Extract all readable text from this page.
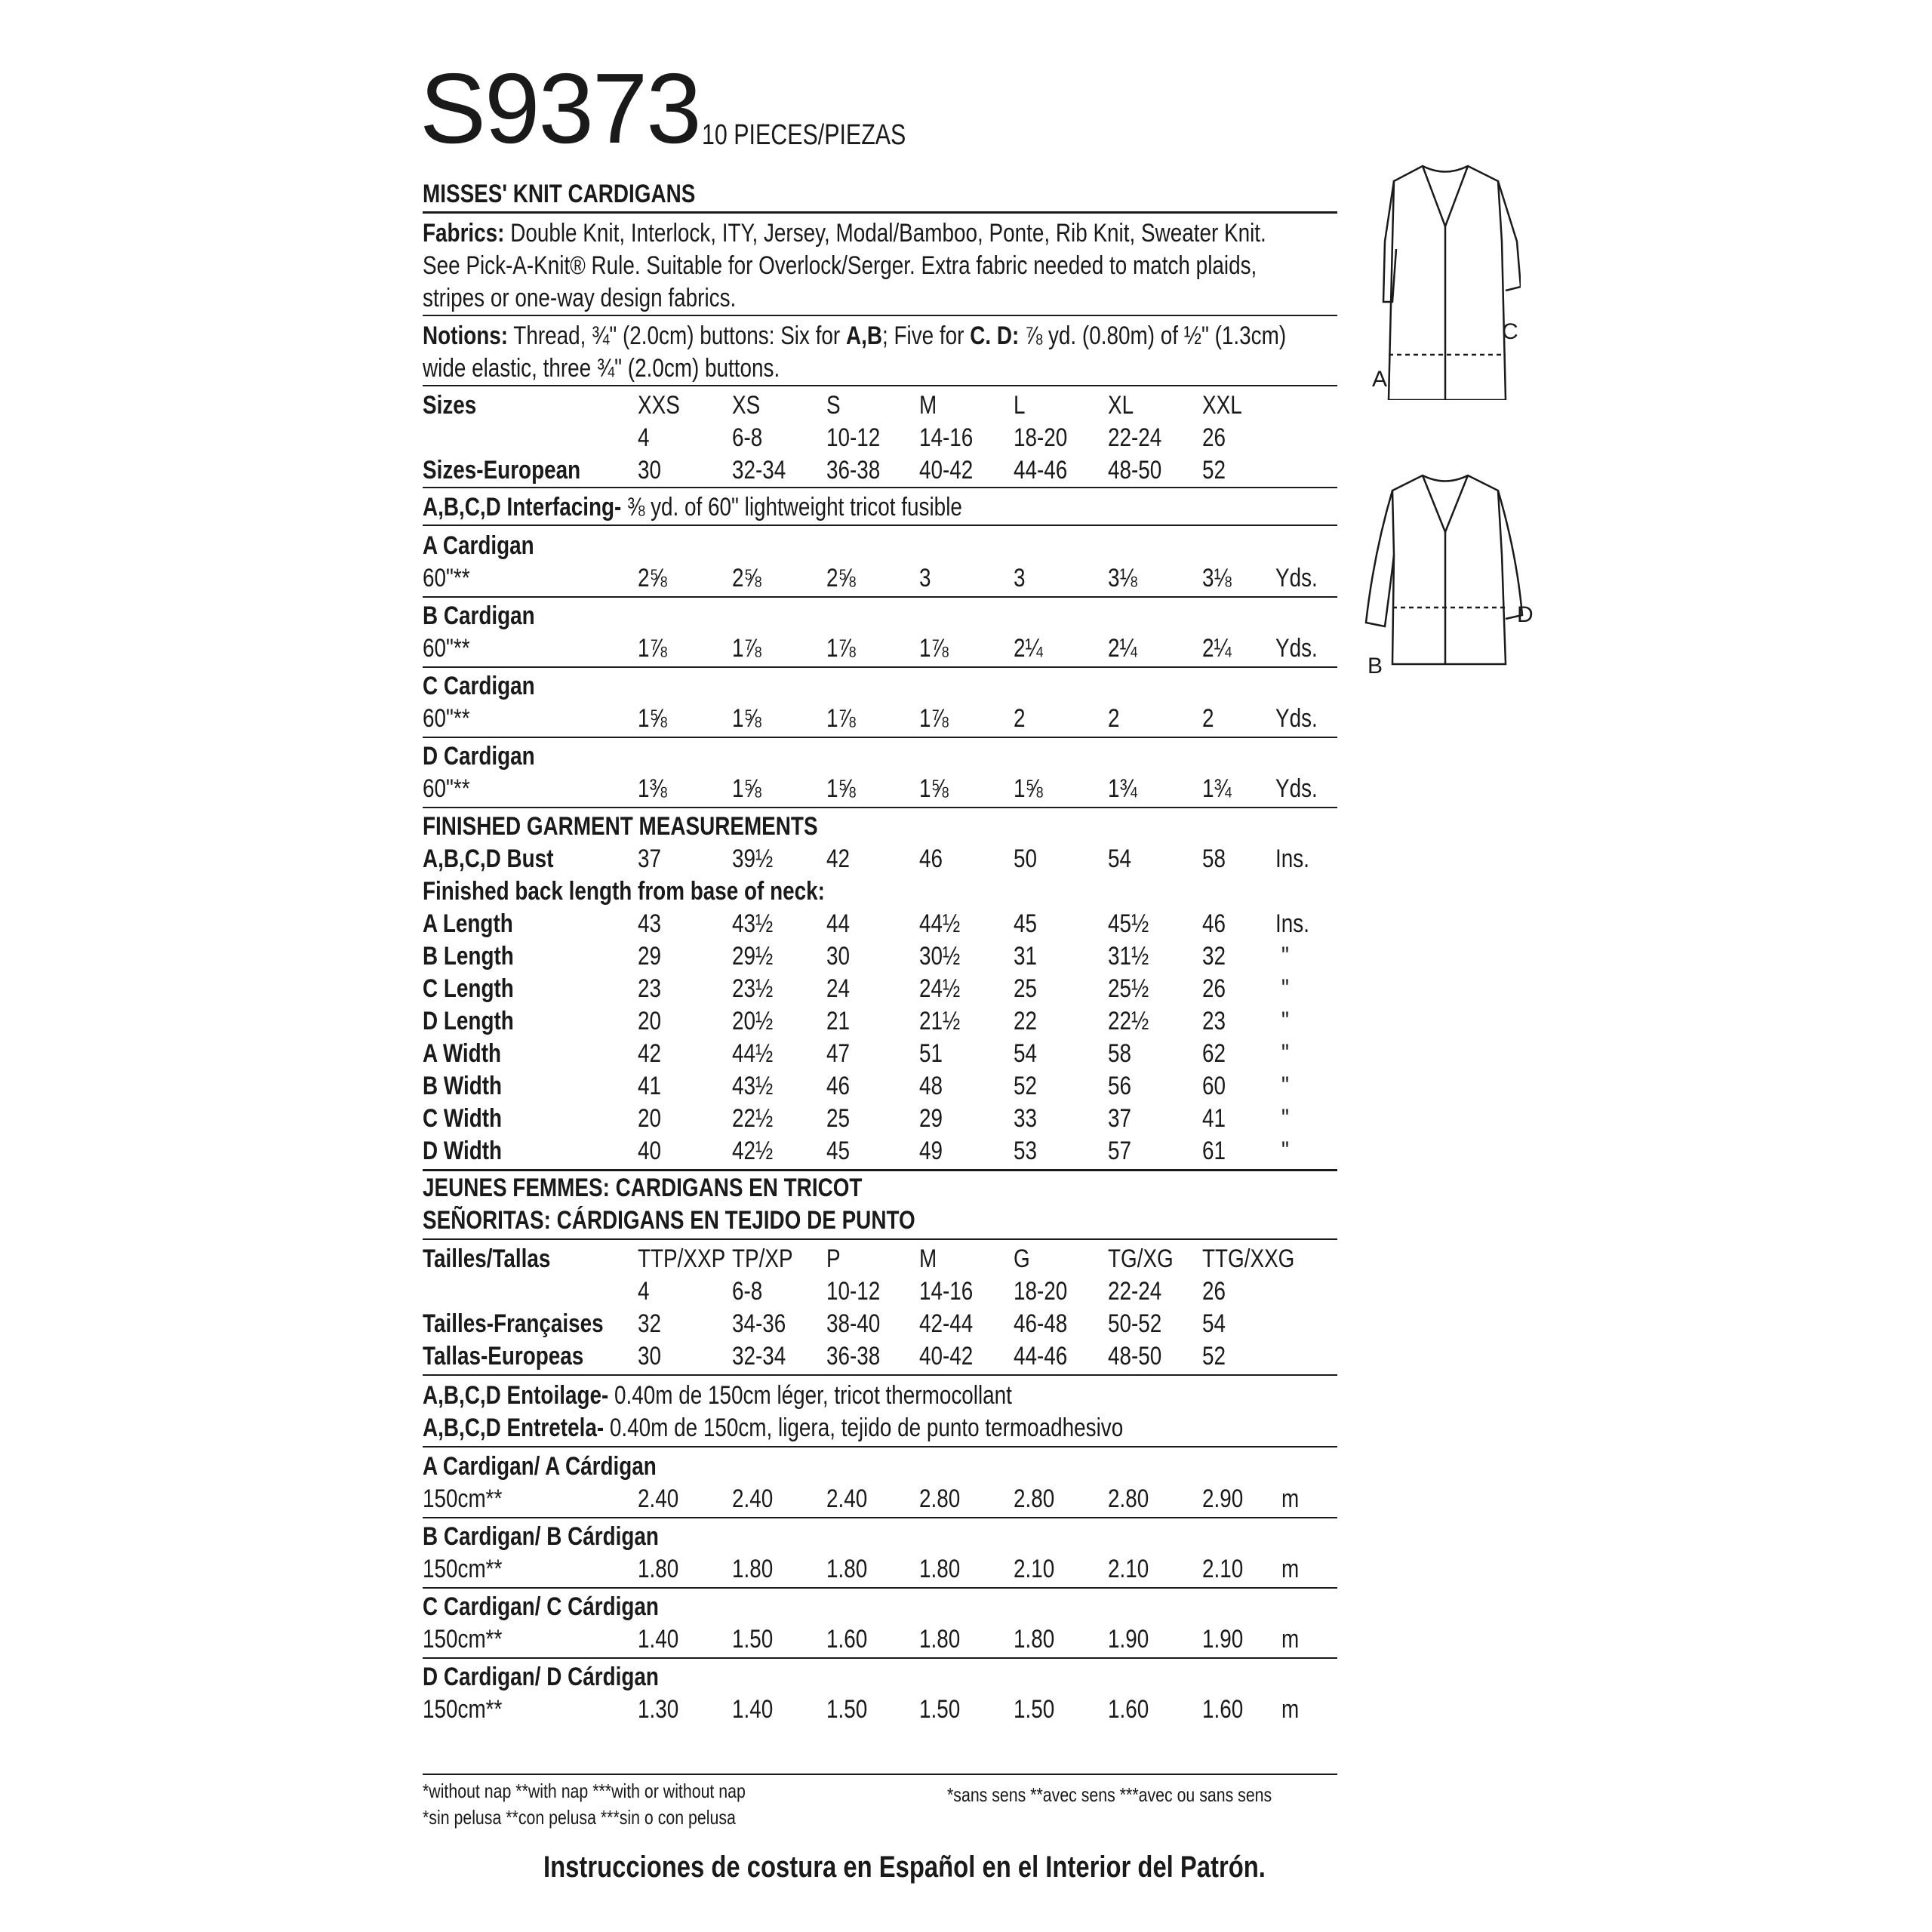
S9373 10 PIECES/PIEZAS
MISSES' KNIT CARDIGANS
Fabrics: Double Knit, Interlock, ITY, Jersey, Modal/Bamboo, Ponte, Rib Knit, Sweater Knit.
See Pick-A-Knit® Rule. Suitable for Overlock/Serger. Extra fabric needed to match plaids,
stripes or one-way design fabrics.
Notions: Thread, ¾" (2.0cm) buttons: Six for A,B; Five for C. D: ⅞ yd. (0.80m) of ½" (1.3cm)
wide elastic, three ¾" (2.0cm) buttons.
Sizes	XXS XS	S	M	L	XL	XXL
4	6-8 10-12 14-16 18-20 22-24 26
Sizes-European 30	32-34 36-38 40-42 44-46 48-50 52
A,B,C,D Interfacing- ⅜ yd. of 60" lightweight tricot fusible
A Cardigan
60"**	2⅝	2⅝	2⅝ 3	3	3⅛	3⅛ Yds.
B Cardigan
60"**	1⅞	1⅞	1⅞ 1⅞	2¼	2¼	2¼ Yds.
C Cardigan
60"**	1⅝	1⅝	1⅞ 1⅞	2	2	2 Yds.
D Cardigan
60"**	1⅜	1⅝	1⅝ 1⅝	1⅝	1¾	1¾ Yds.
FINISHED GARMENT MEASUREMENTS
A,B,C,D Bust	37	39½ 42	46	50	54	58 Ins.
Finished back length from base of neck:
A Length	43	43½ 44	44½ 45	45½ 46 Ins.
B Length	29	29½ 30	30½ 31	31½ 32 "
C Length	23	23½ 24	24½ 25	25½ 26 "
D Length	20	20½ 21	21½ 22	22½ 23 "
A Width	42	44½ 47	51	54	58	62 "
B Width	41	43½ 46	48	52	56	60 "
C Width	20	22½ 25	29	33	37	41 "
D Width	40	42½ 45	49	53	57	61 "
JEUNES FEMMES: CARDIGANS EN TRICOT
SEÑORITAS: CÁRDIGANS EN TEJIDO DE PUNTO
Tailles/Tallas	TTP/XXP TP/XP P	M	G	TG/XG TTG/XXG
4	6-8 10-12 14-16 18-20 22-24 26
Tailles-Françaises 32	34-36 38-40 42-44 46-48 50-52 54
Tallas-Europeas 30	32-34 36-38 40-42 44-46 48-50 52
A,B,C,D Entoilage- 0.40m de 150cm léger, tricot thermocollant
A,B,C,D Entretela- 0.40m de 150cm, ligera, tejido de punto termoadhesivo
A Cardigan/ A Cárdigan
150cm**	2.40 2.40 2.40 2.80 2.80 2.80 2.90 m
B Cardigan/ B Cárdigan
150cm**	1.80 1.80 1.80 1.80 2.10 2.10 2.10 m
C Cardigan/ C Cárdigan
150cm**	1.40 1.50 1.60 1.80 1.80 1.90 1.90 m
D Cardigan/ D Cárdigan
150cm**	1.30 1.40 1.50 1.50 1.50 1.60 1.60 m
A
C
B
D
*without nap **with nap ***with or without nap
*sin pelusa **con pelusa ***sin o con pelusa
*sans sens **avec sens ***avec ou sans sens
Instrucciones de costura en Español en el Interior del Patrón.
